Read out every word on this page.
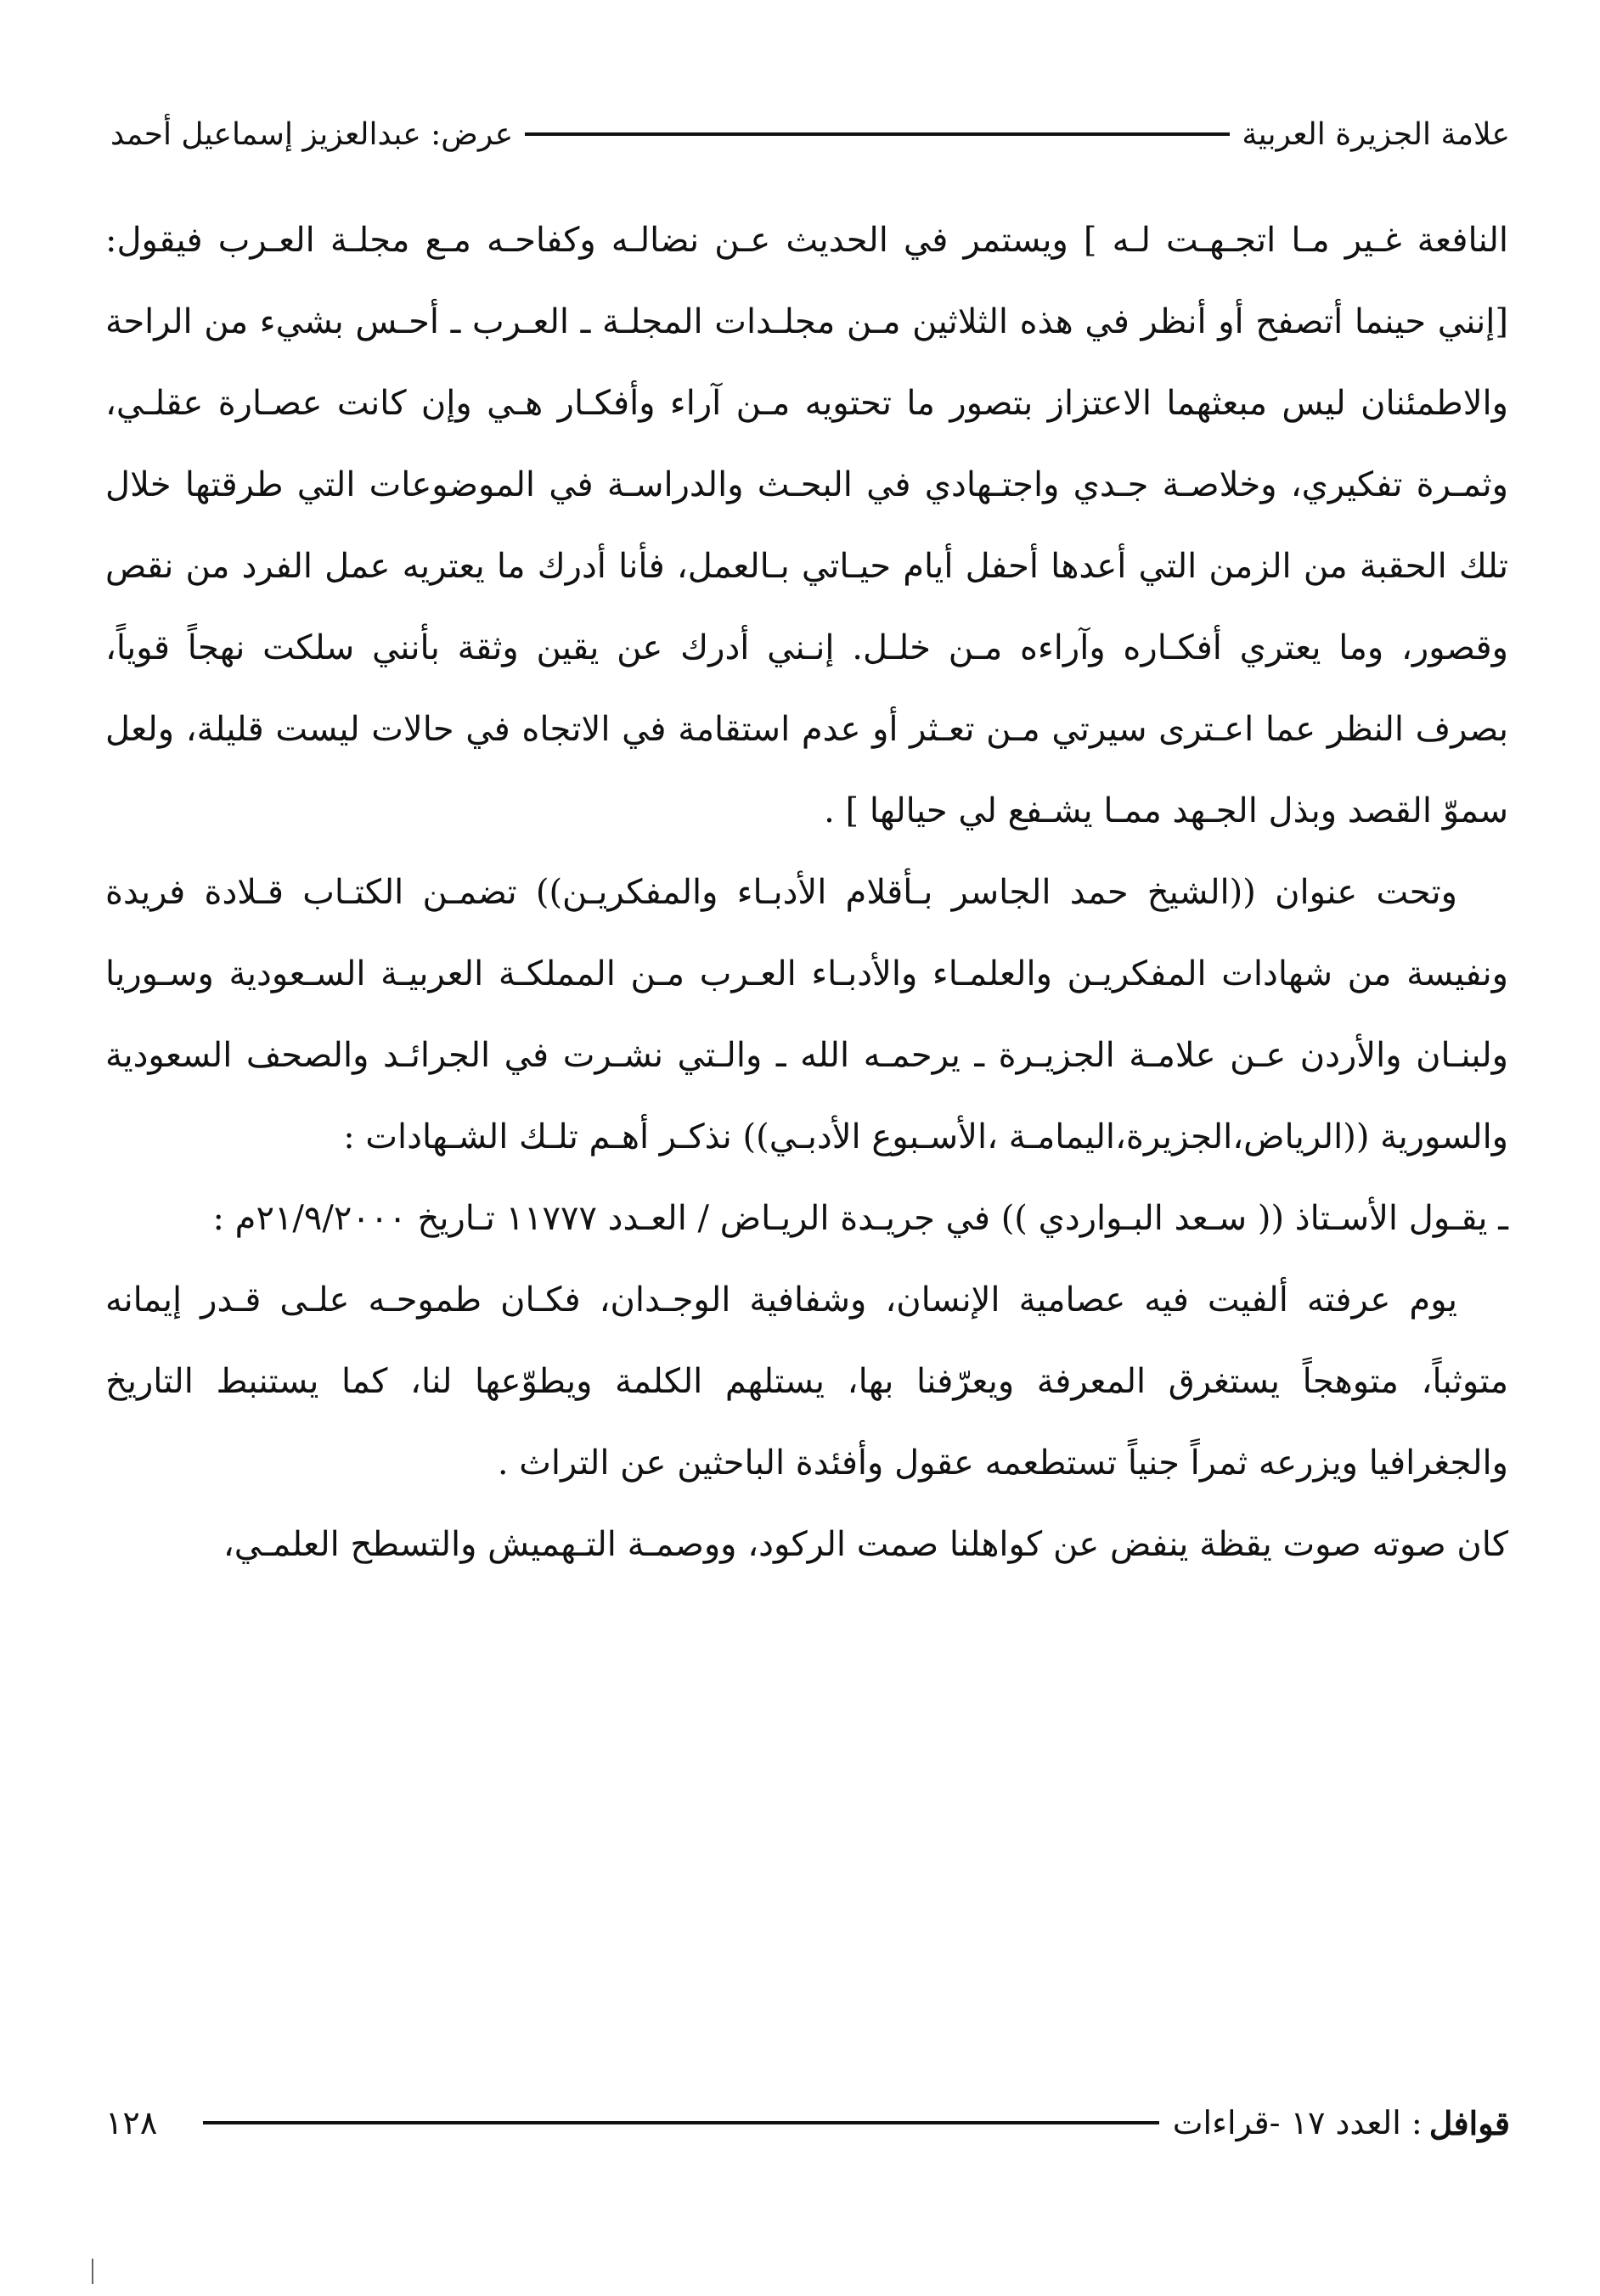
علامة الجزيرة العربية
عرض: عبدالعزيز إسماعيل أحمد

النافعة غـير مـا اتجـهـت لـه ] ويستمر في الحديث عـن نضالـه وكفاحـه مـع مجلـة العـرب فيقول: [إنني حينما أتصفح أو أنظر في هذه الثلاثين مـن مجلـدات المجلـة ـ العـرب ـ أحـس بشيء من الراحة والاطمئنان ليس مبعثهما الاعتزاز بتصور ما تحتويه مـن آراء وأفكـار هـي وإن كانت عصـارة عقلـي، وثمـرة تفكيري، وخلاصـة جـدي واجتـهادي في البحـث والدراسـة في الموضوعات التي طرقتها خلال تلك الحقبة من الزمن التي أعدها أحفل أيام حيـاتي بـالعمل، فأنا أدرك ما يعتريه عمل الفرد من نقص وقصور، وما يعتري أفكـاره وآراءه مـن خلـل. إنـني أدرك عن يقين وثقة بأنني سلكت نهجاً قوياً، بصرف النظر عما اعـترى سيرتي مـن تعـثر أو عدم استقامة في الاتجاه في حالات ليست قليلة، ولعل سموّ القصد وبذل الجـهد ممـا يشـفع لي حيالها ] .

وتحت عنوان ((الشيخ حمد الجاسر بـأقلام الأدبـاء والمفكريـن)) تضمـن الكتـاب قـلادة فريدة ونفيسة من شهادات المفكريـن والعلمـاء والأدبـاء العـرب مـن المملكـة العربيـة السـعودية وسـوريا ولبنـان والأردن عـن علامـة الجزيـرة ـ يرحمـه الله ـ والـتي نشـرت في الجرائـد والصحف السعودية والسورية ((الرياض،الجزيرة،اليمامـة ،الأسـبوع الأدبـي)) نذكـر أهـم تلـك الشـهادات :

ـ يقـول الأسـتاذ (( سـعد البـواردي )) في جريـدة الريـاض / العـدد ١١٧٧٧ تـاريخ ٢١/٩/٢٠٠٠م :

يوم عرفته ألفيت فيه عصامية الإنسان، وشفافية الوجـدان، فكـان طموحـه علـى قـدر إيمانه متوثباً، متوهجاً يستغرق المعرفة ويعرّفنا بها، يستلهم الكلمة ويطوّعها لنا، كما يستنبط التاريخ والجغرافيا ويزرعه ثمراً جنياً تستطعمه عقول وأفئدة الباحثين عن التراث .

كان صوته صوت يقظة ينفض عن كواهلنا صمت الركود، ووصمـة التـهميش والتسطح العلمـي،

قوافل
: العدد ١٧ -قراءات
١٢٨
